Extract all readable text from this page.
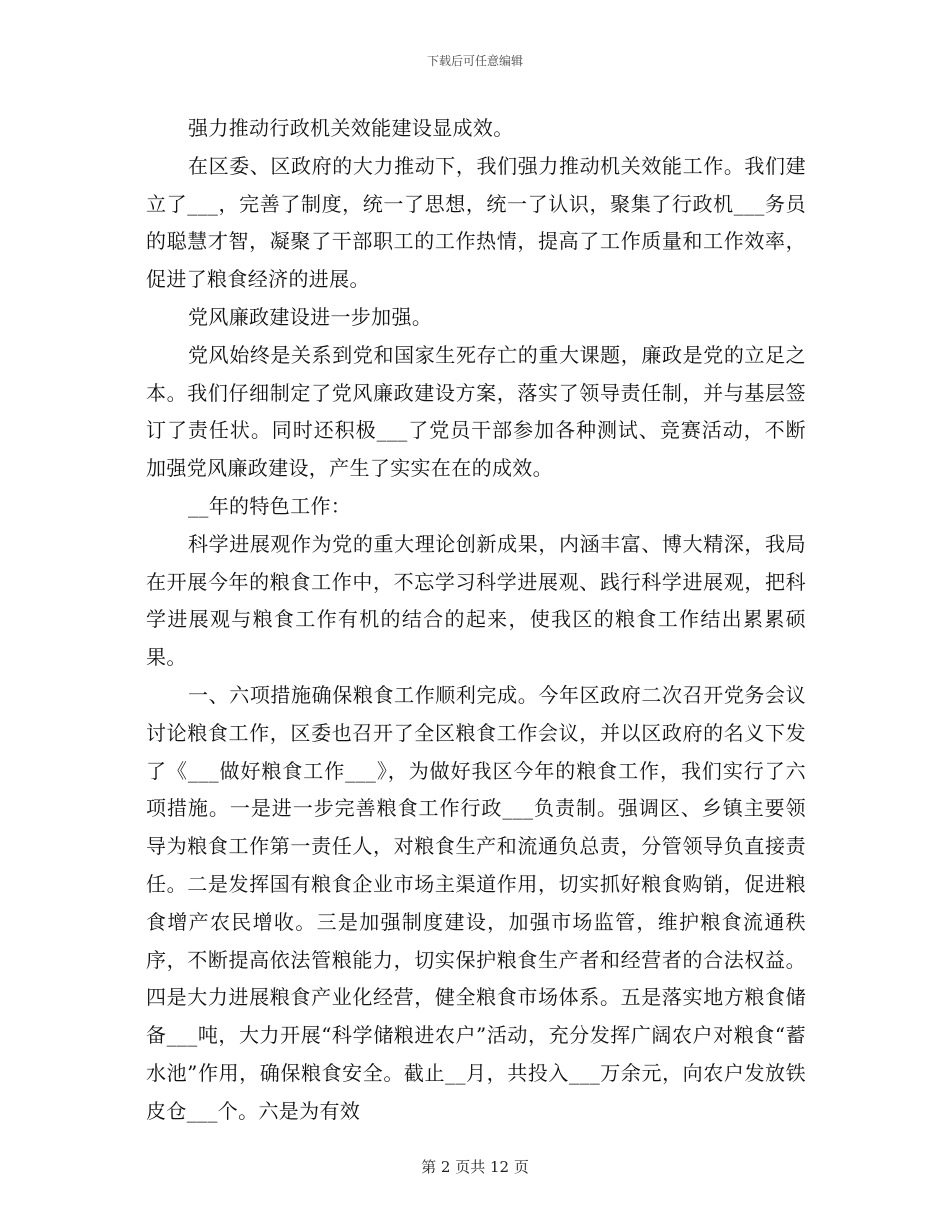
下载后可任意编辑

强力推动行政机关效能建设显成效。

在区委、区政府的大力推动下，我们强力推动机关效能工作。我们建立了___，完善了制度，统一了思想，统一了认识，聚集了行政机___务员的聪慧才智，凝聚了干部职工的工作热情，提高了工作质量和工作效率，促进了粮食经济的进展。

党风廉政建设进一步加强。

党风始终是关系到党和国家生死存亡的重大课题，廉政是党的立足之本。我们仔细制定了党风廉政建设方案，落实了领导责任制，并与基层签订了责任状。同时还积极___了党员干部参加各种测试、竞赛活动，不断加强党风廉政建设，产生了实实在在的成效。

__年的特色工作：

科学进展观作为党的重大理论创新成果，内涵丰富、博大精深，我局在开展今年的粮食工作中，不忘学习科学进展观、践行科学进展观，把科学进展观与粮食工作有机的结合的起来，使我区的粮食工作结出累累硕果。

一、六项措施确保粮食工作顺利完成。今年区政府二次召开党务会议讨论粮食工作，区委也召开了全区粮食工作会议，并以区政府的名义下发了《___做好粮食工作___》，为做好我区今年的粮食工作，我们实行了六项措施。一是进一步完善粮食工作行政___负责制。强调区、乡镇主要领导为粮食工作第一责任人，对粮食生产和流通负总责，分管领导负直接责任。二是发挥国有粮食企业市场主渠道作用，切实抓好粮食购销，促进粮食增产农民增收。三是加强制度建设，加强市场监管，维护粮食流通秩序，不断提高依法管粮能力，切实保护粮食生产者和经营者的合法权益。四是大力进展粮食产业化经营，健全粮食市场体系。五是落实地方粮食储备___吨，大力开展“科学储粮进农户”活动，充分发挥广阔农户对粮食“蓄水池”作用，确保粮食安全。截止__月，共投入___万余元，向农户发放铁皮仓___个。六是为有效

第 2 页共 12 页
